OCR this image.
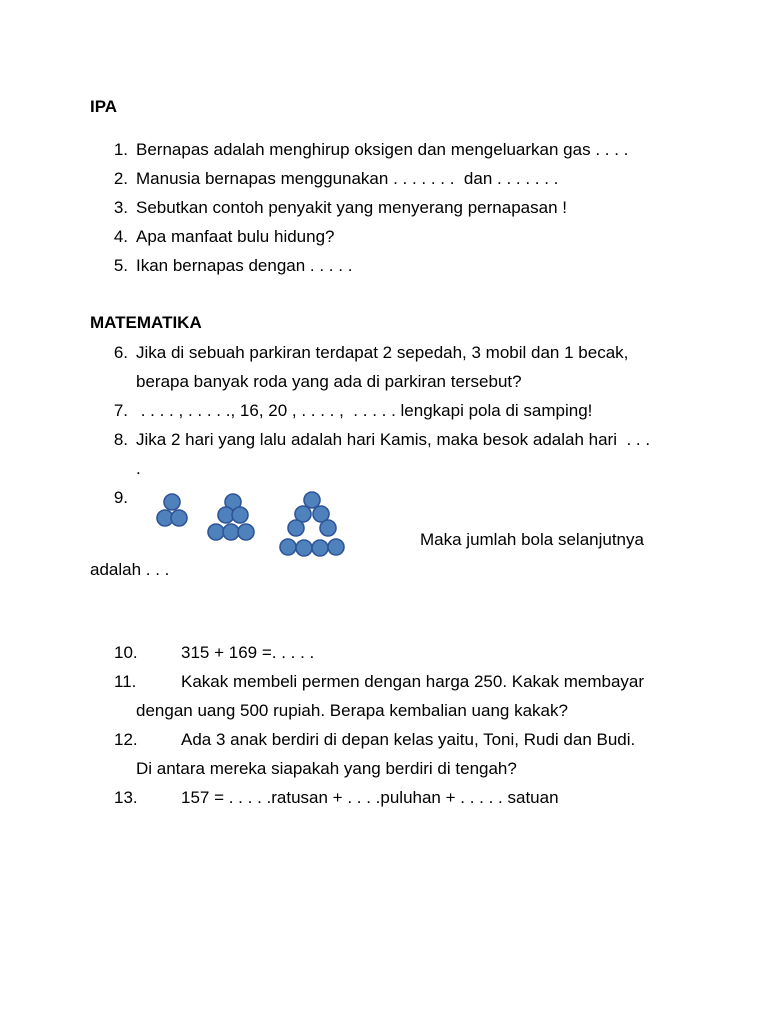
IPA
1. Bernapas adalah menghirup oksigen dan mengeluarkan gas . . . .
2. Manusia bernapas menggunakan . . . . . . .  dan . . . . . . .
3. Sebutkan contoh penyakit yang menyerang pernapasan !
4. Apa manfaat bulu hidung?
5. Ikan bernapas dengan . . . . .
MATEMATIKA
6. Jika di sebuah parkiran terdapat 2 sepedah, 3 mobil dan 1 becak,
berapa banyak roda yang ada di parkiran tersebut?
7. . . . . , . . . . ., 16, 20 , . . . . ,  . . . . . lengkapi pola di samping!
8. Jika 2 hari yang lalu adalah hari Kamis, maka besok adalah hari  . . .
.
9.
Maka jumlah bola selanjutnya
adalah . . .
10.	315 + 169 =. . . . .
11.	Kakak membeli permen dengan harga 250. Kakak membayar
dengan uang 500 rupiah. Berapa kembalian uang kakak?
12.	Ada 3 anak berdiri di depan kelas yaitu, Toni, Rudi dan Budi.
Di antara mereka siapakah yang berdiri di tengah?
13.	157 = . . . . .ratusan + . . . .puluhan + . . . . . satuan
